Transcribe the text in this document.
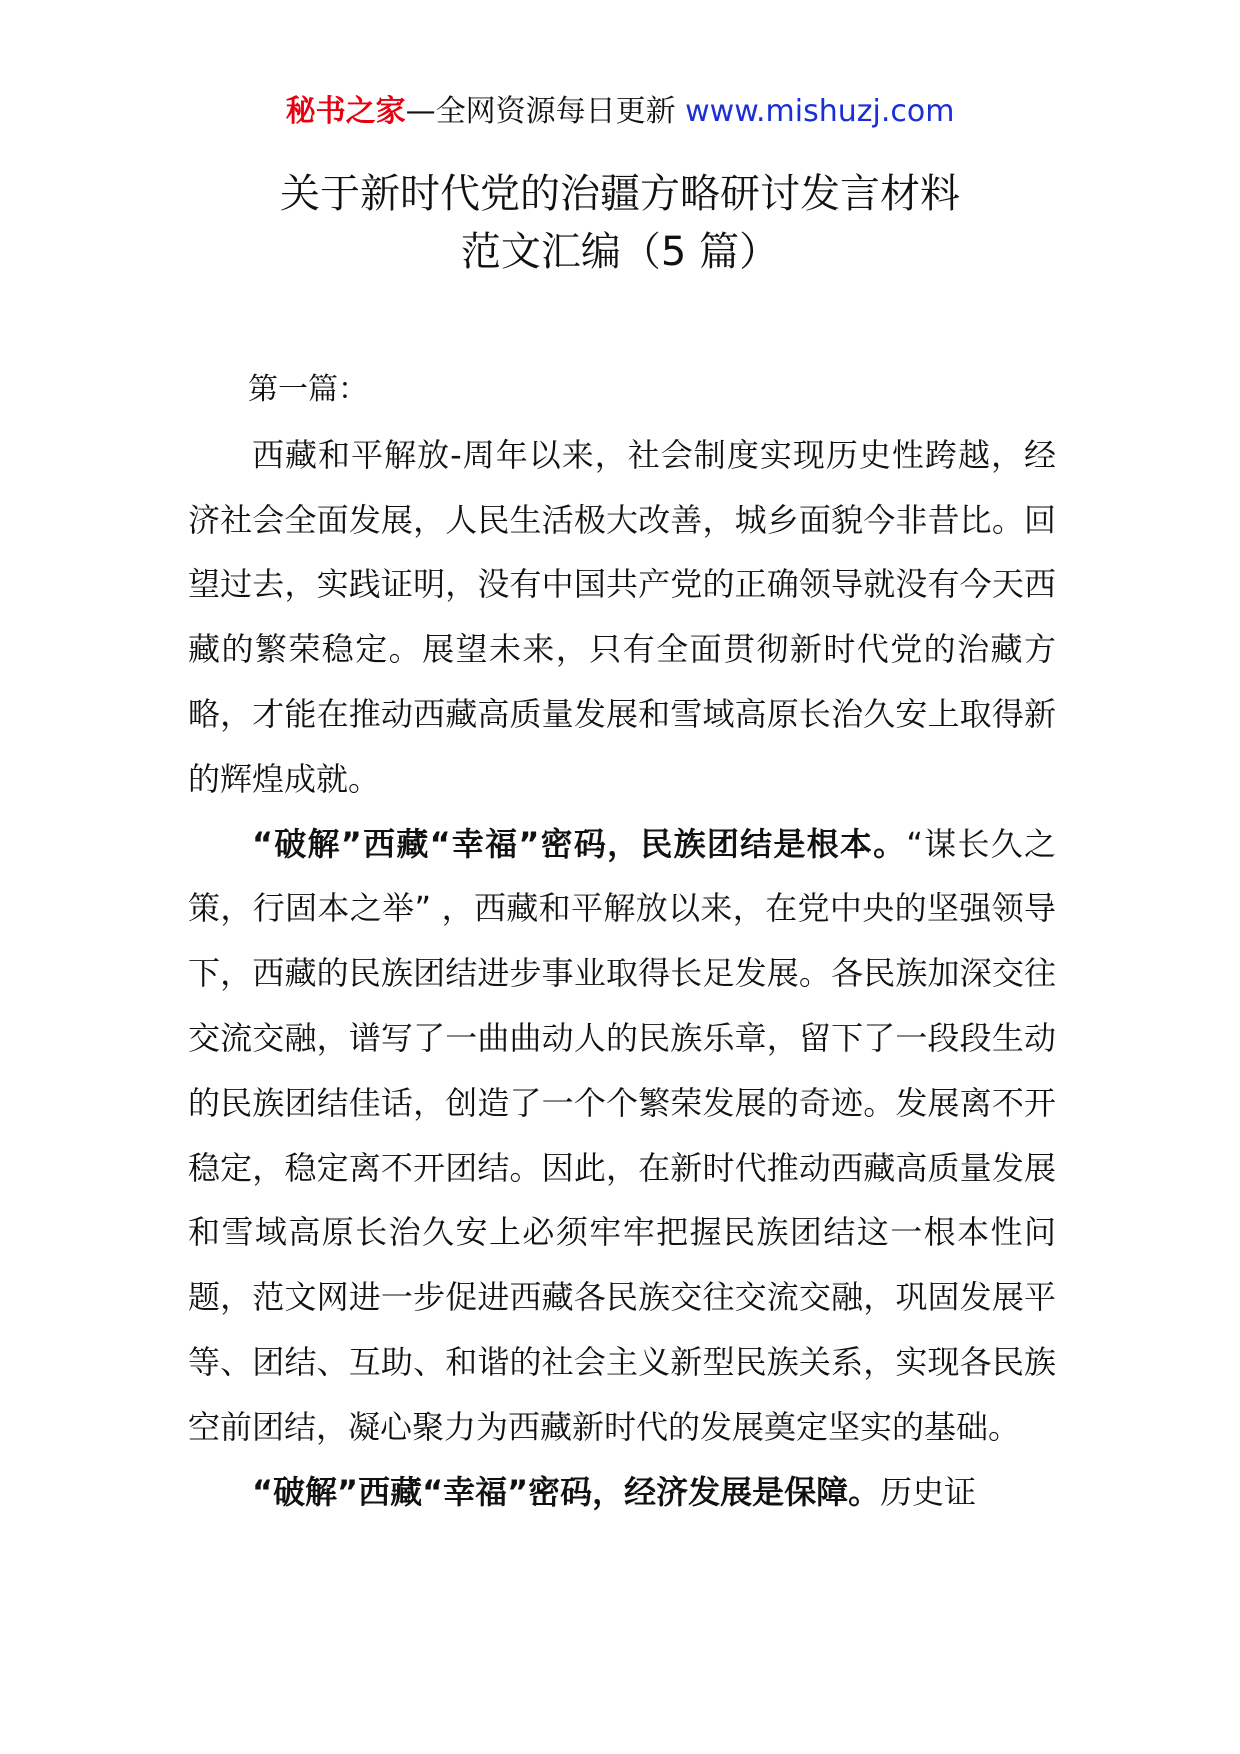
秘书之家—全网资源每日更新 www.mishuzj.com
关于新时代党的治疆方略研讨发言材料
范文汇编（5 篇）

第一篇：

西藏和平解放-周年以来，社会制度实现历史性跨越，经济社会全面发展，人民生活极大改善，城乡面貌今非昔比。回望过去，实践证明，没有中国共产党的正确领导就没有今天西藏的繁荣稳定。展望未来，只有全面贯彻新时代党的治藏方略，才能在推动西藏高质量发展和雪域高原长治久安上取得新的辉煌成就。

“破解”西藏“幸福”密码，民族团结是根本。“谋长久之策，行固本之举” ，西藏和平解放以来，在党中央的坚强领导下，西藏的民族团结进步事业取得长足发展。各民族加深交往交流交融，谱写了一曲曲动人的民族乐章，留下了一段段生动的民族团结佳话，创造了一个个繁荣发展的奇迹。发展离不开稳定，稳定离不开团结。因此，在新时代推动西藏高质量发展和雪域高原长治久安上必须牢牢把握民族团结这一根本性问题，范文网进一步促进西藏各民族交往交流交融，巩固发展平等、团结、互助、和谐的社会主义新型民族关系，实现各民族空前团结，凝心聚力为西藏新时代的发展奠定坚实的基础。

“破解”西藏“幸福”密码，经济发展是保障。历史证
